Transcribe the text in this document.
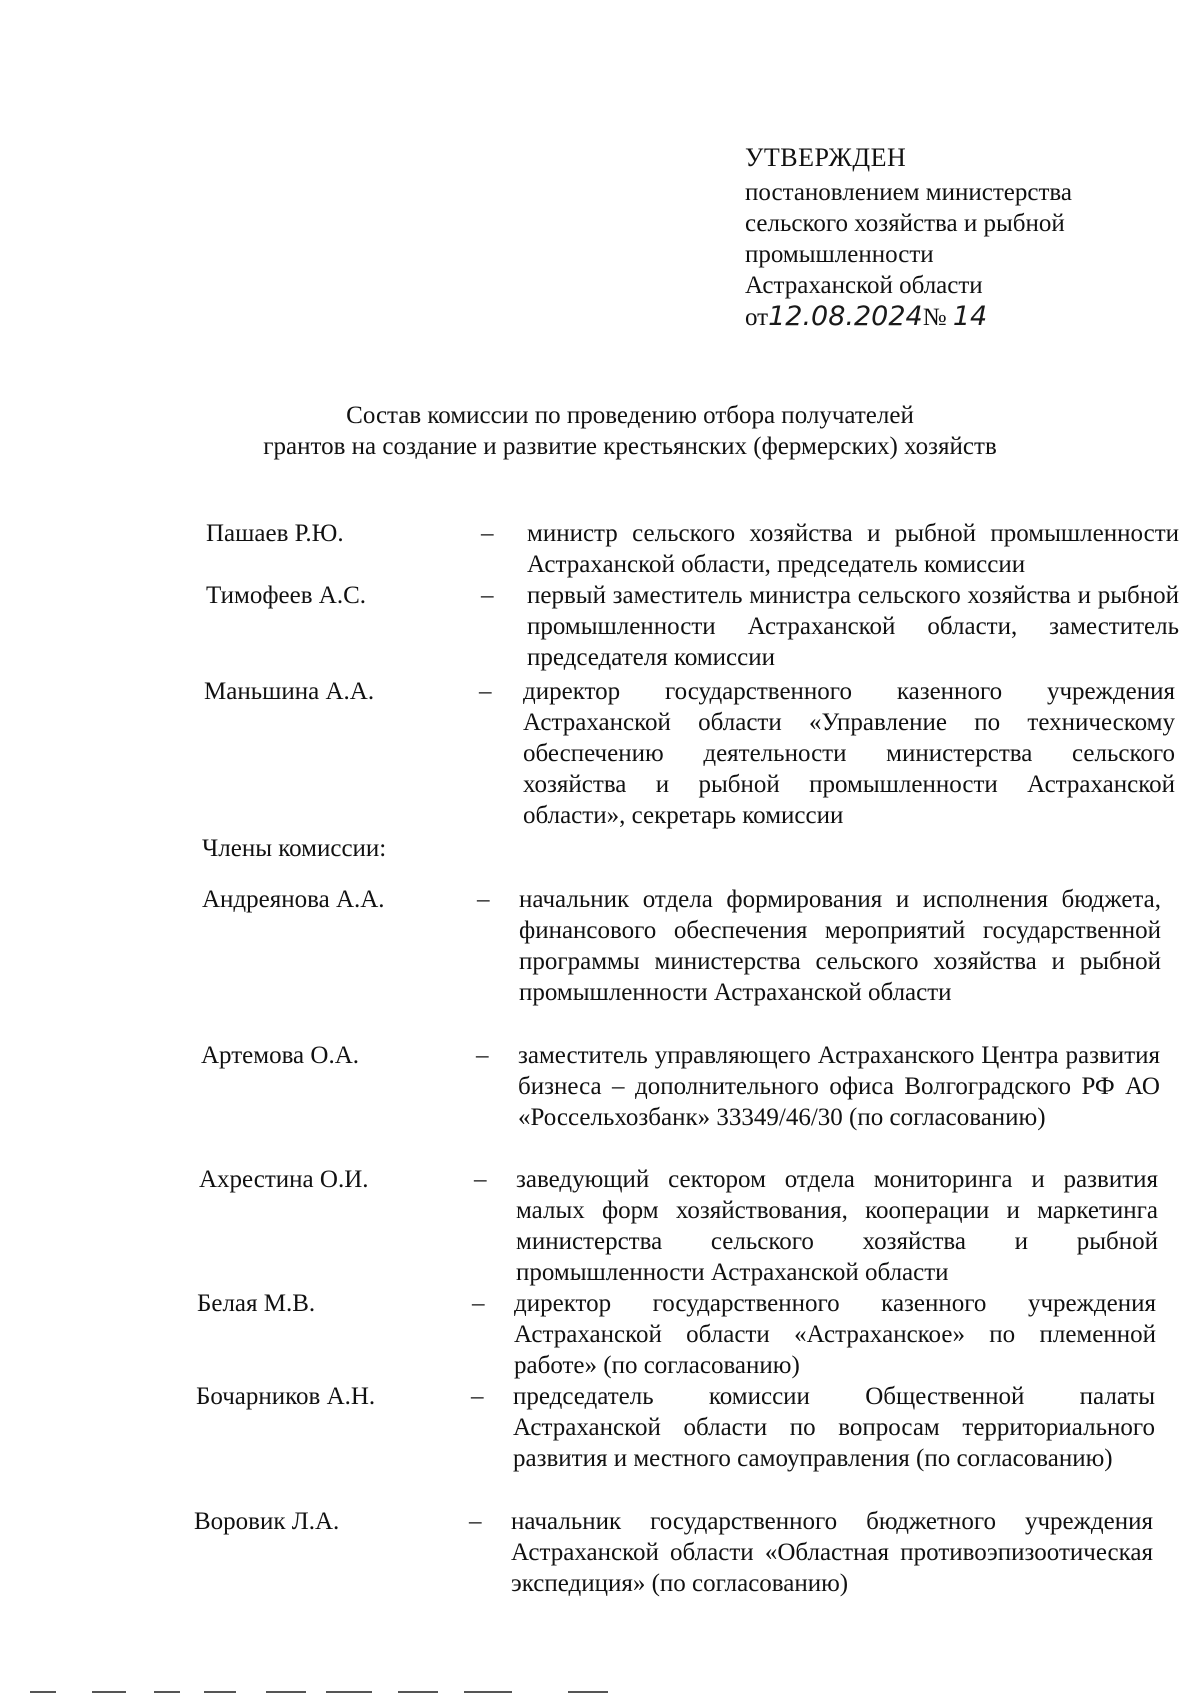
УТВЕРЖДЕН
постановлением министерства
сельского хозяйства и рыбной
промышленности
Астраханской области
от12.08.2024№ 14
Состав комиссии по проведению отбора получателей
грантов на создание и развитие крестьянских (фермерских) хозяйств
Пашаев Р.Ю.	– министр сельского хозяйства и рыбной промышленности Астраханской области, председатель комиссии
Тимофеев А.С.	– первый заместитель министра сельского хозяйства и рыбной промышленности Астраханской области, заместитель председателя комиссии
Маньшина А.А.	– директор государственного казенного учреждения Астраханской области «Управление по техническому обеспечению деятельности министерства сельского хозяйства и рыбной промышленности Астраханской области», секретарь комиссии
Члены комиссии:
Андреянова А.А.	– начальник отдела формирования и исполнения бюджета, финансового обеспечения мероприятий государственной программы министерства сельского хозяйства и рыбной промышленности Астраханской области
Артемова О.А.	– заместитель управляющего Астраханского Центра развития бизнеса – дополнительного офиса Волгоградского РФ АО «Россельхозбанк» 33349/46/30 (по согласованию)
Ахрестина О.И.	– заведующий сектором отдела мониторинга и развития малых форм хозяйствования, кооперации и маркетинга министерства сельского хозяйства и рыбной промышленности Астраханской области
Белая М.В.	– директор государственного казенного учреждения Астраханской области «Астраханское» по племенной работе» (по согласованию)
Бочарников А.Н.	– председатель комиссии Общественной палаты Астраханской области по вопросам территориального развития и местного самоуправления (по согласованию)
Воровик Л.А.	– начальник государственного бюджетного учреждения Астраханской области «Областная противоэпизоотическая экспедиция» (по согласованию)
